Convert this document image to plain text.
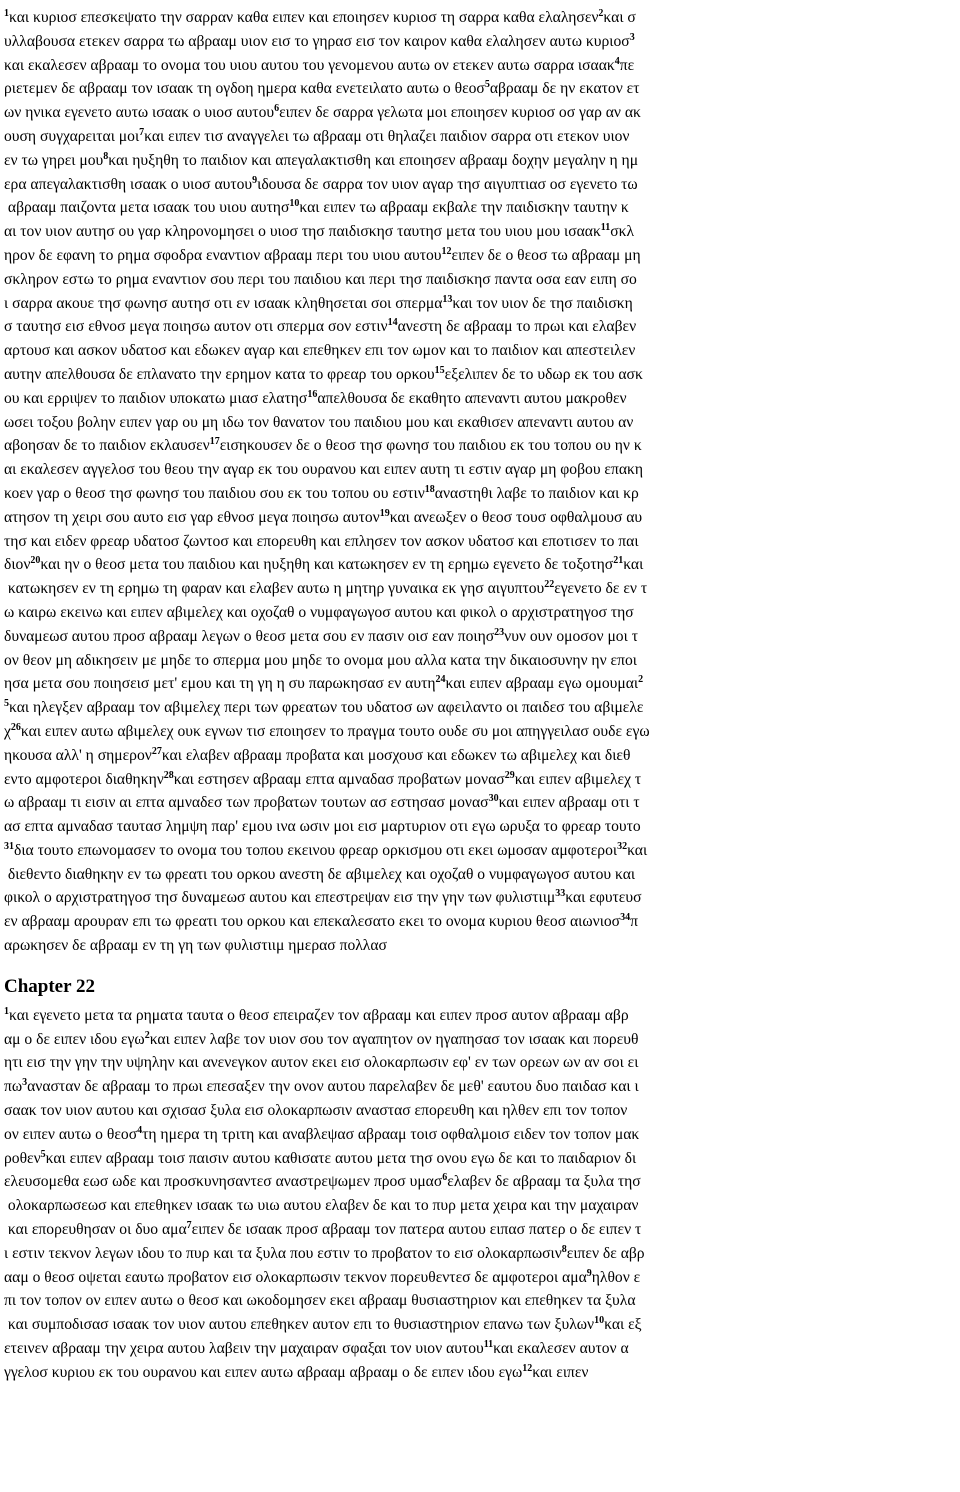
$^1$και κυριοσ επεσκεψατο την σαρραν καθα ειπεν και εποιησεν κυριοσ τη σαρρα καθα ελαλησεν$^2$και σ
υλλαβουσα ετεκεν σαρρα τω αβρααμ υιον εισ το γηρασ εισ τον καιρον καθα ελαλησεν αυτω κυριοσ$^3$
και εκαλεσεν αβρααμ το ονομα του υιου αυτου του γενομενου αυτω ον ετεκεν αυτω σαρρα ισαακ$^4$πε
ριετεμεν δε αβρααμ τον ισαακ τη ογδοη ημερα καθα ενετειλατο αυτω ο θεοσ$^5$αβρααμ δε ην εκατον ετ
ων ηνικα εγενετο αυτω ισαακ ο υιοσ αυτου$^6$ειπεν δε σαρρα γελωτα μοι εποιησεν κυριοσ οσ γαρ αν ακ
ουση συγχαρειται μοι$^7$και ειπεν τισ αναγγελει τω αβρααμ οτι θηλαζει παιδιον σαρρα οτι ετεκον υιον
εν τω γηρει μου$^8$και ηυξηθη το παιδιον και απεγαλακτισθη και εποιησεν αβρααμ δοχην μεγαλην η ημ
ερα απεγαλακτισθη ισαακ ο υιοσ αυτου$^9$ιδουσα δε σαρρα τον υιον αγαρ τησ αιγυπτιασ οσ εγενετο τω
αβρααμ παιζοντα μετα ισαακ του υιου αυτησ$^{10}$και ειπεν τω αβρααμ εκβαλε την παιδισκην ταυτην κ
αι τον υιον αυτησ ου γαρ κληρονομησει ο υιοσ τησ παιδισκησ ταυτησ μετα του υιου μου ισαακ$^{11}$σκλ
ηρον δε εφανη το ρημα σφοδρα εναντιον αβρααμ περι του υιου αυτου$^{12}$ειπεν δε ο θεοσ τω αβρααμ μη
σκληρον εστω το ρημα εναντιον σου περι του παιδιου και περι τησ παιδισκησ παντα οσα εαν ειπη σο
ι σαρρα ακουε τησ φωνησ αυτησ οτι εν ισαακ κληθησεται σοι σπερμα$^{13}$και τον υιον δε τησ παιδισκη
σ ταυτησ εισ εθνοσ μεγα ποιησω αυτον οτι σπερμα σον εστιν$^{14}$ανεστη δε αβρααμ το πρωι και ελαβεν
αρτουσ και ασκον υδατοσ και εδωκεν αγαρ και επεθηκεν επι τον ωμον και το παιδιον και απεστειλεν
αυτην απελθουσα δε επλανατο την ερημον κατα το φρεαρ του ορκου$^{15}$εξελιπεν δε το υδωρ εκ του ασκ
ου και ερριψεν το παιδιον υποκατω μιασ ελατησ$^{16}$απελθουσα δε εκαθητο απεναντι αυτου μακροθεν
ωσει τοξου βολην ειπεν γαρ ου μη ιδω τον θανατον του παιδιου μου και εκαθισεν απεναντι αυτου αν
αβοησαν δε το παιδιον εκλαυσεν$^{17}$εισηκουσεν δε ο θεοσ τησ φωνησ του παιδιου εκ του τοπου ου ην κ
αι εκαλεσεν αγγελοσ του θεου την αγαρ εκ του ουρανου και ειπεν αυτη τι εστιν αγαρ μη φοβου επακη
κοεν γαρ ο θεοσ τησ φωνησ του παιδιου σου εκ του τοπου ου εστιν$^{18}$αναστηθι λαβε το παιδιον και κρ
ατησον τη χειρι σου αυτο εισ γαρ εθνοσ μεγα ποιησω αυτον$^{19}$και ανεωξεν ο θεοσ τουσ οφθαλμουσ αυ
τησ και ειδεν φρεαρ υδατοσ ζωντοσ και επορευθη και επλησεν τον ασκον υδατοσ και εποτισεν το παι
διον$^{20}$και ην ο θεοσ μετα του παιδιου και ηυξηθη και κατωκησεν εν τη ερημω εγενετο δε τοξοτησ$^{21}$και
κατωκησεν εν τη ερημω τη φαραν και ελαβεν αυτω η μητηρ γυναικα εκ γησ αιγυπτου$^{22}$εγενετο δε εν τ
ω καιρω εκεινω και ειπεν αβιμελεχ και οχοζαθ ο νυμφαγωγοσ αυτου και φικολ ο αρχιστρατηγοσ τησ
δυναμεωσ αυτου προσ αβρααμ λεγων ο θεοσ μετα σου εν πασιν οισ εαν ποιησ$^{23}$νυν ουν ομοσον μοι τ
ον θεον μη αδικησειν με μηδε το σπερμα μου μηδε το ονομα μου αλλα κατα την δικαιοσυνην ην εποι
ησα μετα σου ποιησεισ μετ' εμου και τη γη η συ παρωκησασ εν αυτη$^{24}$και ειπεν αβρααμ εγω ομουμαι$^2$
$^5$και ηλεγξεν αβρααμ τον αβιμελεχ περι των φρεατων του υδατοσ ων αφειλαντο οι παιδεσ του αβιμελε
$\chi^{26}\kappa\alpha\iota$ ειπεν αυτω αβιμελεχ ουκ εγνων τισ εποιησεν το πραγμα τουτο ουδε συ μοι απηγγειλασ ουδε εγω
ηκουσα αλλ' η σημερον$^{27}$και ελαβεν αβρααμ προβατα και μοσχουσ και εδωκεν τω αβιμελεχ και διεθ
εντο αμφοτεροι διαθηκην$^{28}$και εστησεν αβρααμ επτα αμναδασ προβατων μονασ$^{29}$και ειπεν αβιμελεχ τ
ω αβρααμ τι εισιν αι επτα αμναδεσ των προβατων τουτων ασ εστησασ μονασ$^{30}$και ειπεν αβρααμ οτι τ
ασ επτα αμναδασ ταυτασ λημψη παρ' εμου ινα ωσιν μοι εισ μαρτυριον οτι εγω ωρυξα το φρεαρ τουτο
$^{31}$δια τουτο επωνομασεν το ονομα του τοπου εκεινου φρεαρ ορκισμου οτι εκει ωμοσαν αμφοτεροι$^{32}$και
διεθεντο διαθηκην εν τω φρεατι του ορκου ανεστη δε αβιμελεχ και οχοζαθ ο νυμφαγωγοσ αυτου και
φικολ ο αρχιστρατηγοσ τησ δυναμεωσ αυτου και επεστρεψαν εισ την γην των φυλιστιιμ$^{33}$και εφυτευσ
εν αβρααμ αρουραν επι τω φρεατι του ορκου και επεκαλεσατο εκει το ονομα κυριου θεοσ αιωνιοσ$^{34}$π
αρωκησεν δε αβρααμ εν τη γη των φυλιστιιμ ημερασ πολλασ
Chapter 22
$^1$και εγενετο μετα τα ρηματα ταυτα ο θεοσ επειραζεν τον αβρααμ και ειπεν προσ αυτον αβρααμ αβρ
αμ ο δε ειπεν ιδου εγω$^2$και ειπεν λαβε τον υιον σου τον αγαπητον ον ηγαπησασ τον ισαακ και πορευθ
ητι εισ την γην την υψηλην και ανενεγκον αυτον εκει εισ ολοκαρπωσιν εφ' εν των ορεων ων αν σοι ει
$\pi\omega^3\alpha\nu\alpha\sigma\tau\alpha\nu$ δε αβρααμ το πρωι επεσαξεν την ονον αυτου παρελαβεν δε μεθ' εαυτου δυο παιδασ και ι
σαακ τον υιον αυτου και σχισασ ξυλα εισ ολοκαρπωσιν αναστασ επορευθη και ηλθεν επι τον τοπον
ον ειπεν αυτω ο θεοσ$^4$τη ημερα τη τριτη και αναβλεψασ αβρααμ τοισ οφθαλμοισ ειδεν τον τοπον μακ
ροθεν$^5$και ειπεν αβρααμ τοισ παισιν αυτου καθισατε αυτου μετα τησ ονου εγω δε και το παιδαριον δι
ελευσομεθα εωσ ωδε και προσκυνησαντεσ αναστρεψωμεν προσ υμασ$^6$ελαβεν δε αβρααμ τα ξυλα τησ
ολοκαρπωσεωσ και επεθηκεν ισαακ τω υιω αυτου ελαβεν δε και το πυρ μετα χειρα και την μαχαιραν
και επορευθησαν οι δυο αμα$^7$ειπεν δε ισαακ προσ αβρααμ τον πατερα αυτου ειπασ πατερ ο δε ειπεν τ
ι εστιν τεκνον λεγων ιδου το πυρ και τα ξυλα που εστιν το προβατον το εισ ολοκαρπωσιν$^8$ειπεν δε αβρ
ααμ ο θεοσ οψεται εαυτω προβατον εισ ολοκαρπωσιν τεκνον πορευθεντεσ δε αμφοτεροι αμα$^9$ηλθον ε
πι τον τοπον ον ειπεν αυτω ο θεοσ και ωκοδομησεν εκει αβρααμ θυσιαστηριον και επεθηκεν τα ξυλα
και συμποδισασ ισαακ τον υιον αυτου επεθηκεν αυτον επι το θυσιαστηριον επανω των ξυλων$^{10}$και εξ
ετεινεν αβρααμ την χειρα αυτου λαβειν την μαχαιραν σφαξαι τον υιον αυτου$^{11}$και εκαλεσεν αυτον α
γγελοσ κυριου εκ του ουρανου και ειπεν αυτω αβρααμ αβρααμ ο δε ειπεν ιδου εγω$^{12}$και ειπεν
